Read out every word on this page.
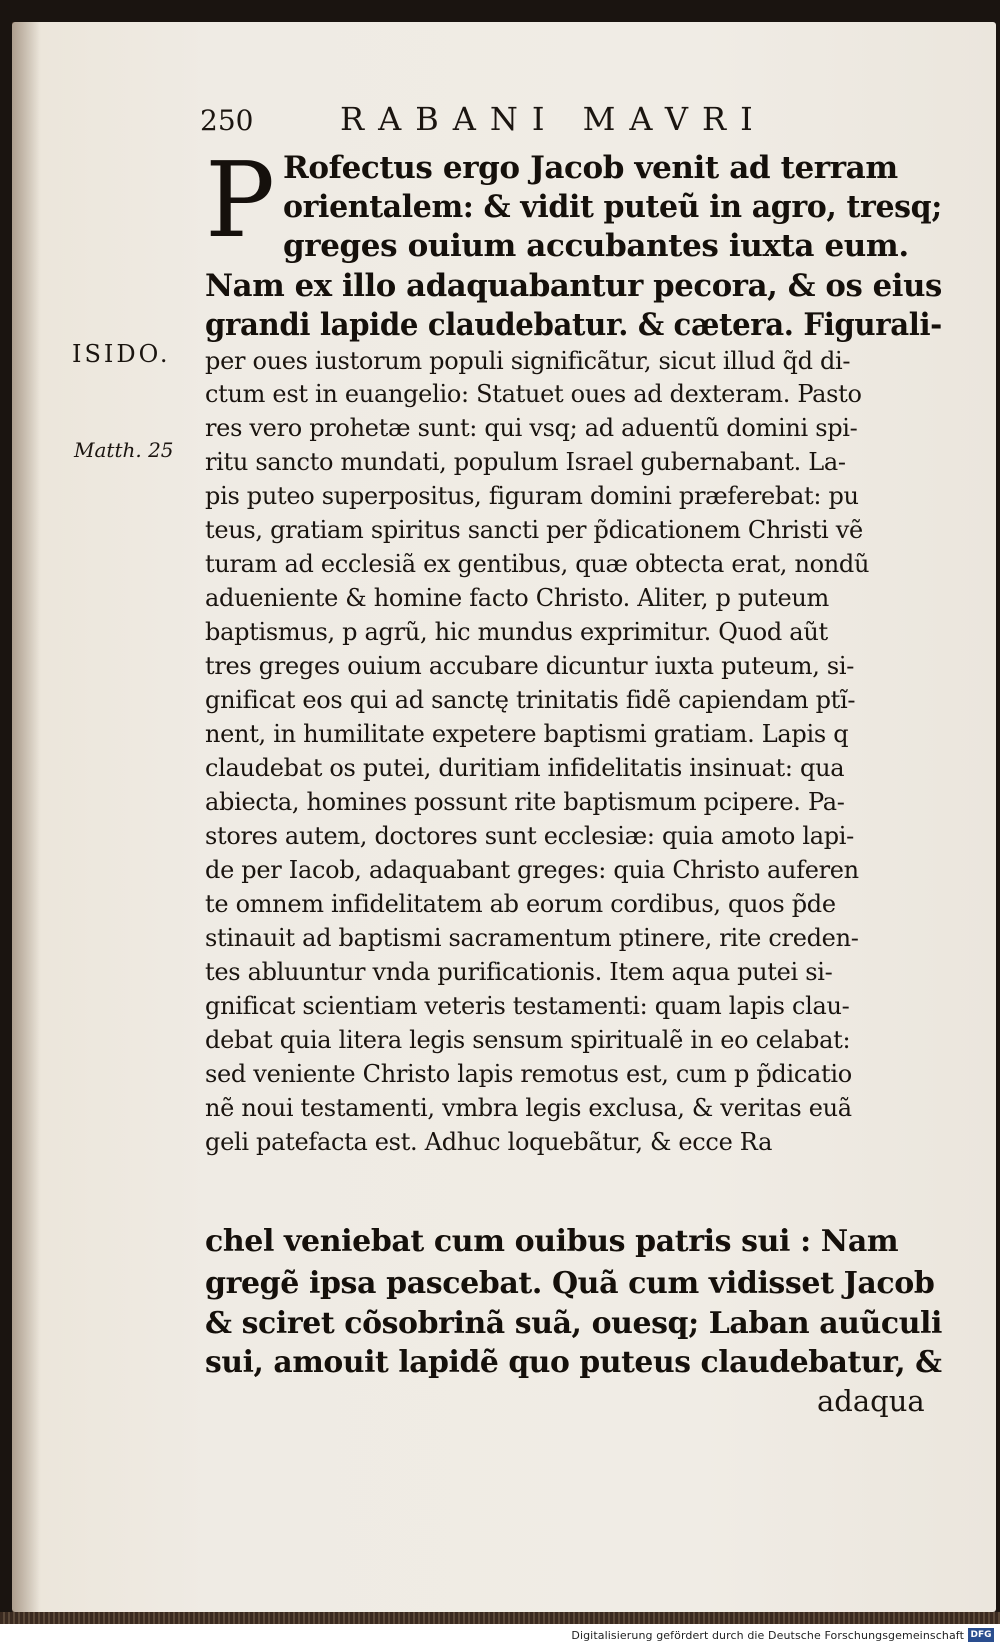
250	RABANI MAVRI
P
ISIDO.
Matth. 25
Rofectus ergo Jacob venit ad terram
orientalem: & vidit puteũ in agro, tresq;
greges ouium accubantes iuxta eum.
Nam ex illo adaquabantur pecora, & os eius
grandi lapide claudebatur. & cætera. Figurali-
per oues iustorum populi significãtur, sicut illud q̃d di-
ctum est in euangelio: Statuet oues ad dexteram. Pasto
res vero prohetæ sunt: qui vsq; ad aduentũ domini spi-
ritu sancto mundati, populum Israel gubernabant. La-
pis puteo superpositus, figuram domini præferebat: pu
teus, gratiam spiritus sancti per p̃dicationem Christi vẽ
turam ad ecclesiã ex gentibus, quæ obtecta erat, nondũ
adueniente & homine facto Christo. Aliter, p puteum
baptismus, p agrũ, hic mundus exprimitur. Quod aũt
tres greges ouium accubare dicuntur iuxta puteum, si-
gnificat eos qui ad sanctę trinitatis fidẽ capiendam ptĩ-
nent, in humilitate expetere baptismi gratiam. Lapis q
claudebat os putei, duritiam infidelitatis insinuat: qua
abiecta, homines possunt rite baptismum pcipere. Pa-
stores autem, doctores sunt ecclesiæ: quia amoto lapi-
de per Iacob, adaquabant greges: quia Christo auferen
te omnem infidelitatem ab eorum cordibus, quos p̃de
stinauit ad baptismi sacramentum ptinere, rite creden-
tes abluuntur vnda purificationis. Item aqua putei si-
gnificat scientiam veteris testamenti: quam lapis clau-
debat quia litera legis sensum spiritualẽ in eo celabat:
sed veniente Christo lapis remotus est, cum p p̃dicatio
nẽ noui testamenti, vmbra legis exclusa, & veritas euã
geli patefacta est. Adhuc loquebãtur, & ecce Ra
chel veniebat cum ouibus patris sui : Nam
gregẽ ipsa pascebat. Quã cum vidisset Jacob
& sciret cõsobrinã suã, ouesq; Laban auũculi
sui, amouit lapidẽ quo puteus claudebatur, &
adaqua
Digitalisierung gefördert durch die Deutsche Forschungsgemeinschaft DFG
